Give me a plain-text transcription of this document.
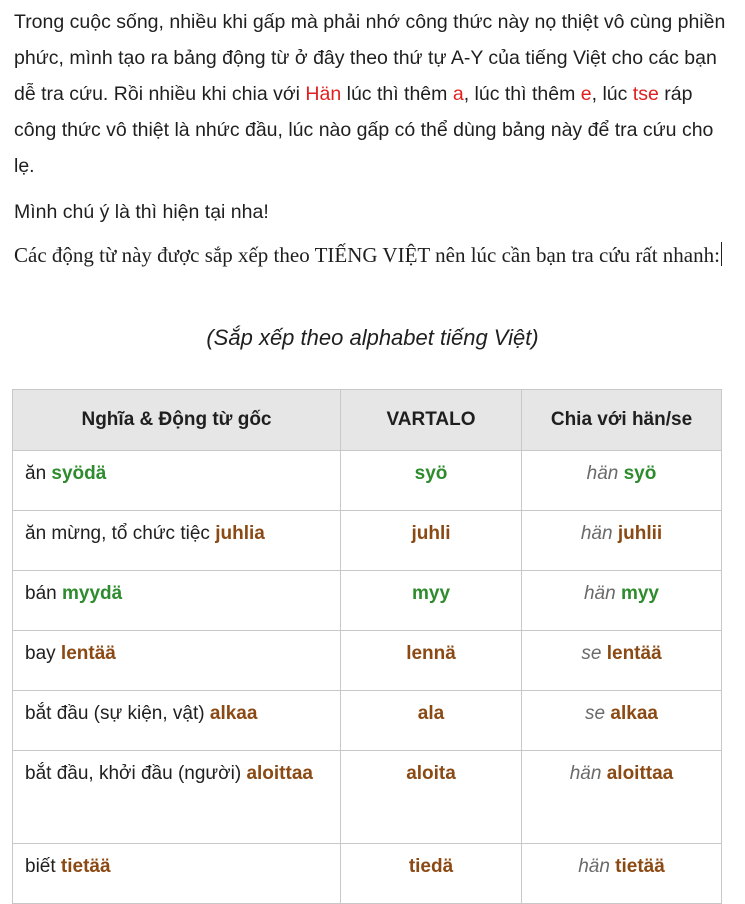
Trong cuộc sống, nhiều khi gấp mà phải nhớ công thức này nọ thiệt vô cùng phiền phức, mình tạo ra bảng động từ ở đây theo thứ tự A-Y của tiếng Việt cho các bạn dễ tra cứu. Rồi nhiều khi chia với Hän lúc thì thêm a, lúc thì thêm e, lúc tse ráp công thức vô thiệt là nhức đầu, lúc nào gấp có thể dùng bảng này để tra cứu cho lẹ.

Mình chú ý là thì hiện tại nha!

Các động từ này được sắp xếp theo TIẾNG VIỆT nên lúc cần bạn tra cứu rất nhanh:

(Sắp xếp theo alphabet tiếng Việt)
Nghĩa & Động từ gốc	VARTALO	Chia với hän/se
ăn syödä	syö	hän syö
ăn mừng, tổ chức tiệc juhlia	juhli	hän juhlii
bán myydä	myy	hän myy
bay lentää	lennä	se lentää
bắt đầu (sự kiện, vật) alkaa	ala	se alkaa
bắt đầu, khởi đầu (người) aloittaa	aloita	hän aloittaa
biết tietää	tiedä	hän tietää
